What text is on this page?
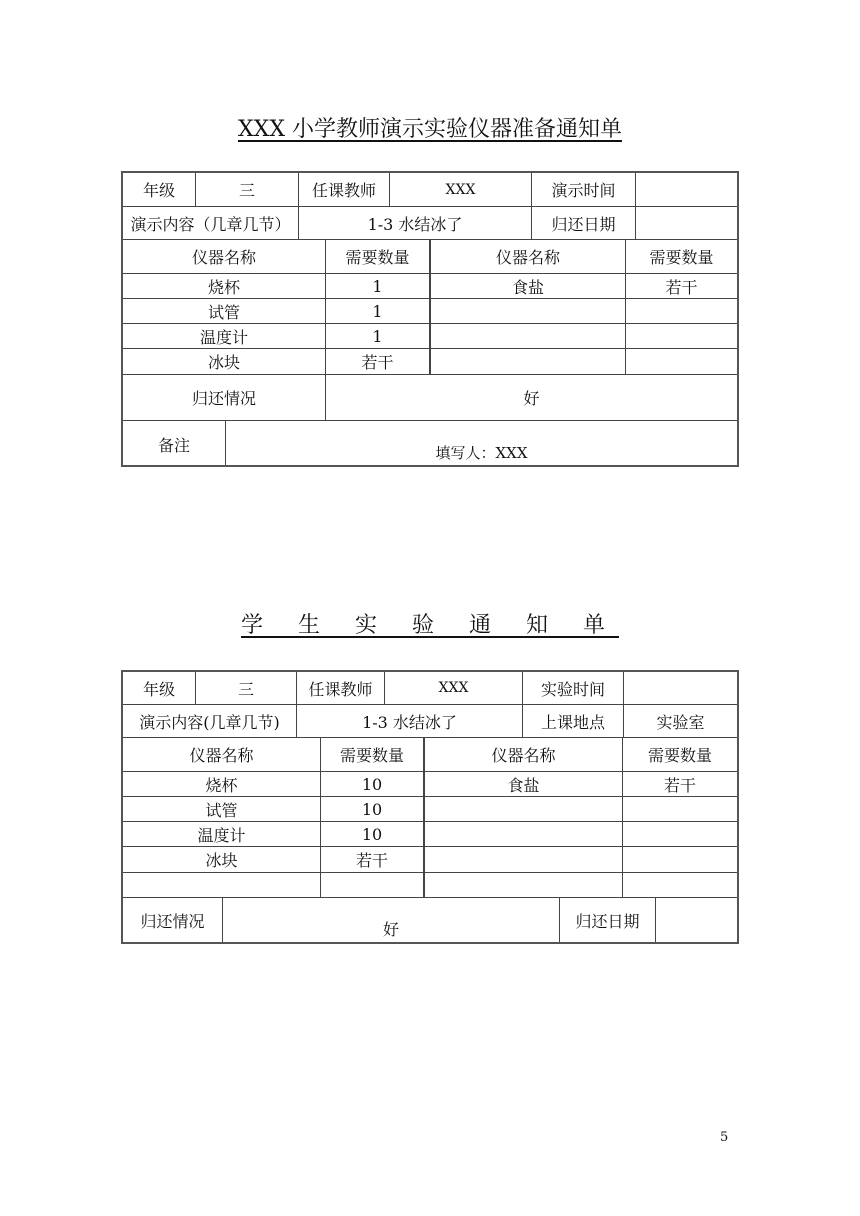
XXX 小学教师演示实验仪器准备通知单
年级	三	任课教师	XXX	演示时间
演示内容（几章几节）	1-3 水结冰了	归还日期
仪器名称	需要数量	仪器名称	需要数量
烧杯	1	食盐	若干
试管	1
温度计	1
冰块	若干
归还情况	好
备注	填写人：XXX
学 生 实 验 通 知 单
年级	三	任课教师	XXX	实验时间
演示内容(几章几节)	1-3 水结冰了	上课地点	实验室
仪器名称	需要数量	仪器名称	需要数量
烧杯	10	食盐	若干
试管	10
温度计	10
冰块	若干
归还情况	好	归还日期
5
